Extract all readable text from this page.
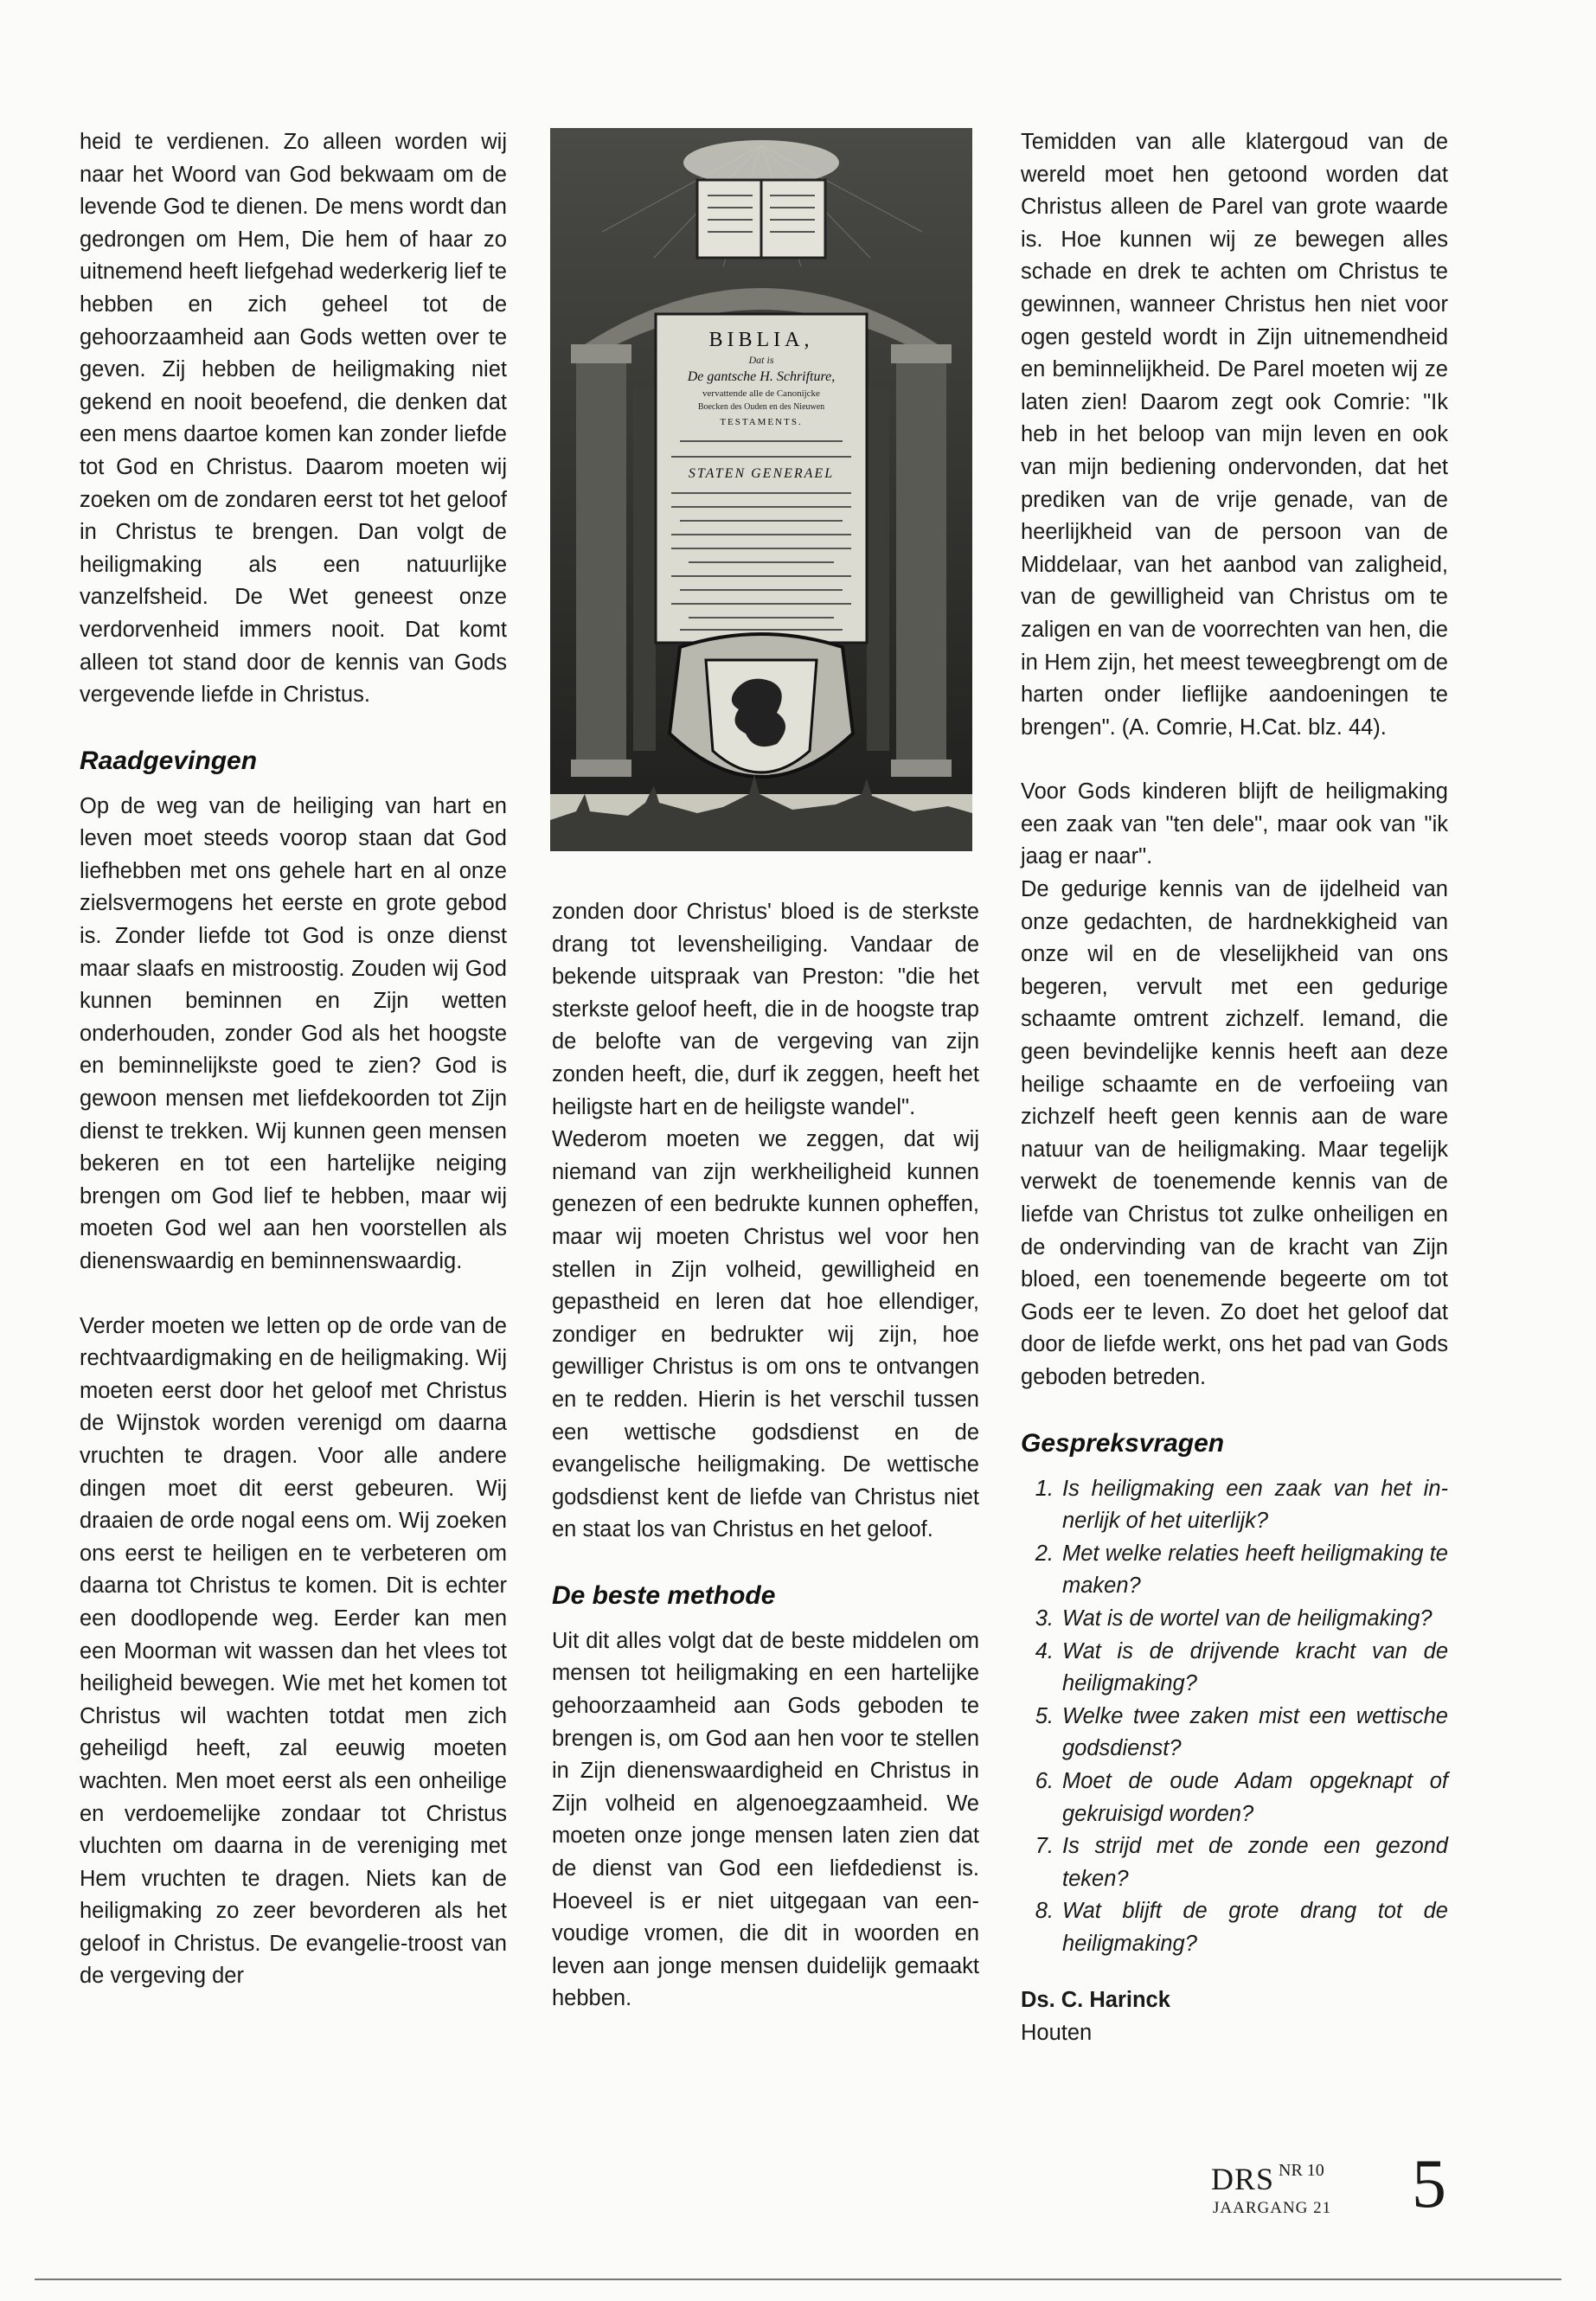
heid te verdienen. Zo alleen worden wij naar het Woord van God bekwaam om de levende God te dienen. De mens wordt dan gedrongen om Hem, Die hem of haar zo uitnemend heeft liefgehad wederkerig lief te hebben en zich geheel tot de gehoorzaamheid aan Gods wetten over te geven. Zij hebben de heiligmaking niet gekend en nooit beoefend, die denken dat een mens daartoe komen kan zonder liefde tot God en Christus. Daarom moeten wij zoeken om de zondaren eerst tot het geloof in Christus te brengen. Dan volgt de heiligmaking als een natuurlijke vanzelfsheid. De Wet geneest onze verdorvenheid immers nooit. Dat komt alleen tot stand door de kennis van Gods vergevende liefde in Christus.

Raadgevingen

Op de weg van de heiliging van hart en leven moet steeds voorop staan dat God liefhebben met ons gehele hart en al onze zielsvermogens het eerste en grote gebod is. Zonder liefde tot God is onze dienst maar slaafs en mistroostig. Zouden wij God kunnen beminnen en Zijn wetten onderhouden, zonder God als het hoogste en beminnelijkste goed te zien? God is gewoon mensen met liefdekoorden tot Zijn dienst te trekken. Wij kunnen geen mensen bekeren en tot een hartelijke neiging brengen om God lief te hebben, maar wij moeten God wel aan hen voorstellen als dienenswaardig en beminnenswaardig.

Verder moeten we letten op de orde van de rechtvaardigmaking en de heiligmaking. Wij moeten eerst door het geloof met Christus de Wijnstok worden verenigd om daarna vruchten te dragen. Voor alle andere dingen moet dit eerst gebeuren. Wij draaien de orde nogal eens om. Wij zoeken ons eerst te heiligen en te verbeteren om daarna tot Christus te komen. Dit is echter een doodlopende weg. Eerder kan men een Moorman wit wassen dan het vlees tot heiligheid bewegen. Wie met het komen tot Christus wil wachten totdat men zich geheiligd heeft, zal eeuwig moeten wachten. Men moet eerst als een onheilige en verdoemelijke zondaar tot Christus vluchten om daarna in de vereniging met Hem vruchten te dragen. Niets kan de heiligmaking zo zeer bevorderen als het geloof in Christus. De evangelie-troost van de vergeving der

BIBLIA,
Dat is
De gantsche H. Schrifture,
vervattende alle de Canonijcke
Boecken des Ouden en des Nieuwen
TESTAMENTS.
STATEN GENERAEL

zonden door Christus' bloed is de sterkste drang tot levensheiliging. Vandaar de bekende uitspraak van Preston: "die het sterkste geloof heeft, die in de hoogste trap de belofte van de vergeving van zijn zonden heeft, die, durf ik zeggen, heeft het heiligste hart en de heiligste wandel".

Wederom moeten we zeggen, dat wij niemand van zijn werkheiligheid kunnen genezen of een bedrukte kunnen opheffen, maar wij moeten Christus wel voor hen stellen in Zijn volheid, gewilligheid en gepastheid en leren dat hoe ellendiger, zondiger en bedrukter wij zijn, hoe gewilliger Christus is om ons te ontvangen en te redden. Hierin is het verschil tussen een wettische godsdienst en de evangelische heiligmaking. De wettische godsdienst kent de liefde van Christus niet en staat los van Christus en het geloof.

De beste methode

Uit dit alles volgt dat de beste middelen om mensen tot heiligmaking en een hartelijke gehoorzaamheid aan Gods geboden te brengen is, om God aan hen voor te stellen in Zijn dienenswaardigheid en Christus in Zijn volheid en algenoegzaamheid. We moeten onze jonge mensen laten zien dat de dienst van God een liefdedienst is. Hoeveel is er niet uitgegaan van eenvoudige vromen, die dit in woorden en leven aan jonge mensen duidelijk gemaakt hebben.

Temidden van alle klatergoud van de wereld moet hen getoond worden dat Christus alleen de Parel van grote waarde is. Hoe kunnen wij ze bewegen alles schade en drek te achten om Christus te gewinnen, wanneer Christus hen niet voor ogen gesteld wordt in Zijn uitnemendheid en beminnelijkheid. De Parel moeten wij ze laten zien! Daarom zegt ook Comrie: "Ik heb in het beloop van mijn leven en ook van mijn bediening ondervonden, dat het prediken van de vrije genade, van de heerlijkheid van de persoon van de Middelaar, van het aanbod van zaligheid, van de gewilligheid van Christus om te zaligen en van de voorrechten van hen, die in Hem zijn, het meest teweegbrengt om de harten onder lieflijke aandoeningen te brengen". (A. Comrie, H.Cat. blz. 44).

Voor Gods kinderen blijft de heiligmaking een zaak van "ten dele", maar ook van "ik jaag er naar".

De gedurige kennis van de ijdelheid van onze gedachten, de hardnekkigheid van onze wil en de vleselijkheid van ons begeren, vervult met een gedurige schaamte omtrent zichzelf. Iemand, die geen bevindelijke kennis heeft aan deze heilige schaamte en de verfoeiing van zichzelf heeft geen kennis aan de ware natuur van de heiligmaking. Maar tegelijk verwekt de toenemende kennis van de liefde van Christus tot zulke onheiligen en de ondervinding van de kracht van Zijn bloed, een toenemende begeerte om tot Gods eer te leven. Zo doet het geloof dat door de liefde werkt, ons het pad van Gods geboden betreden.

Gespreksvragen
1. Is heiligmaking een zaak van het innerlijk of het uiterlijk?
2. Met welke relaties heeft heiligmaking te maken?
3. Wat is de wortel van de heiligmaking?
4. Wat is de drijvende kracht van de heiligmaking?
5. Welke twee zaken mist een wettische godsdienst?
6. Moet de oude Adam opgeknapt of gekruisigd worden?
7. Is strijd met de zonde een gezond teken?
8. Wat blijft de grote drang tot de heiligmaking?
Ds. C. Harinck
Houten
DRS NR 10
JAARGANG 21 5
